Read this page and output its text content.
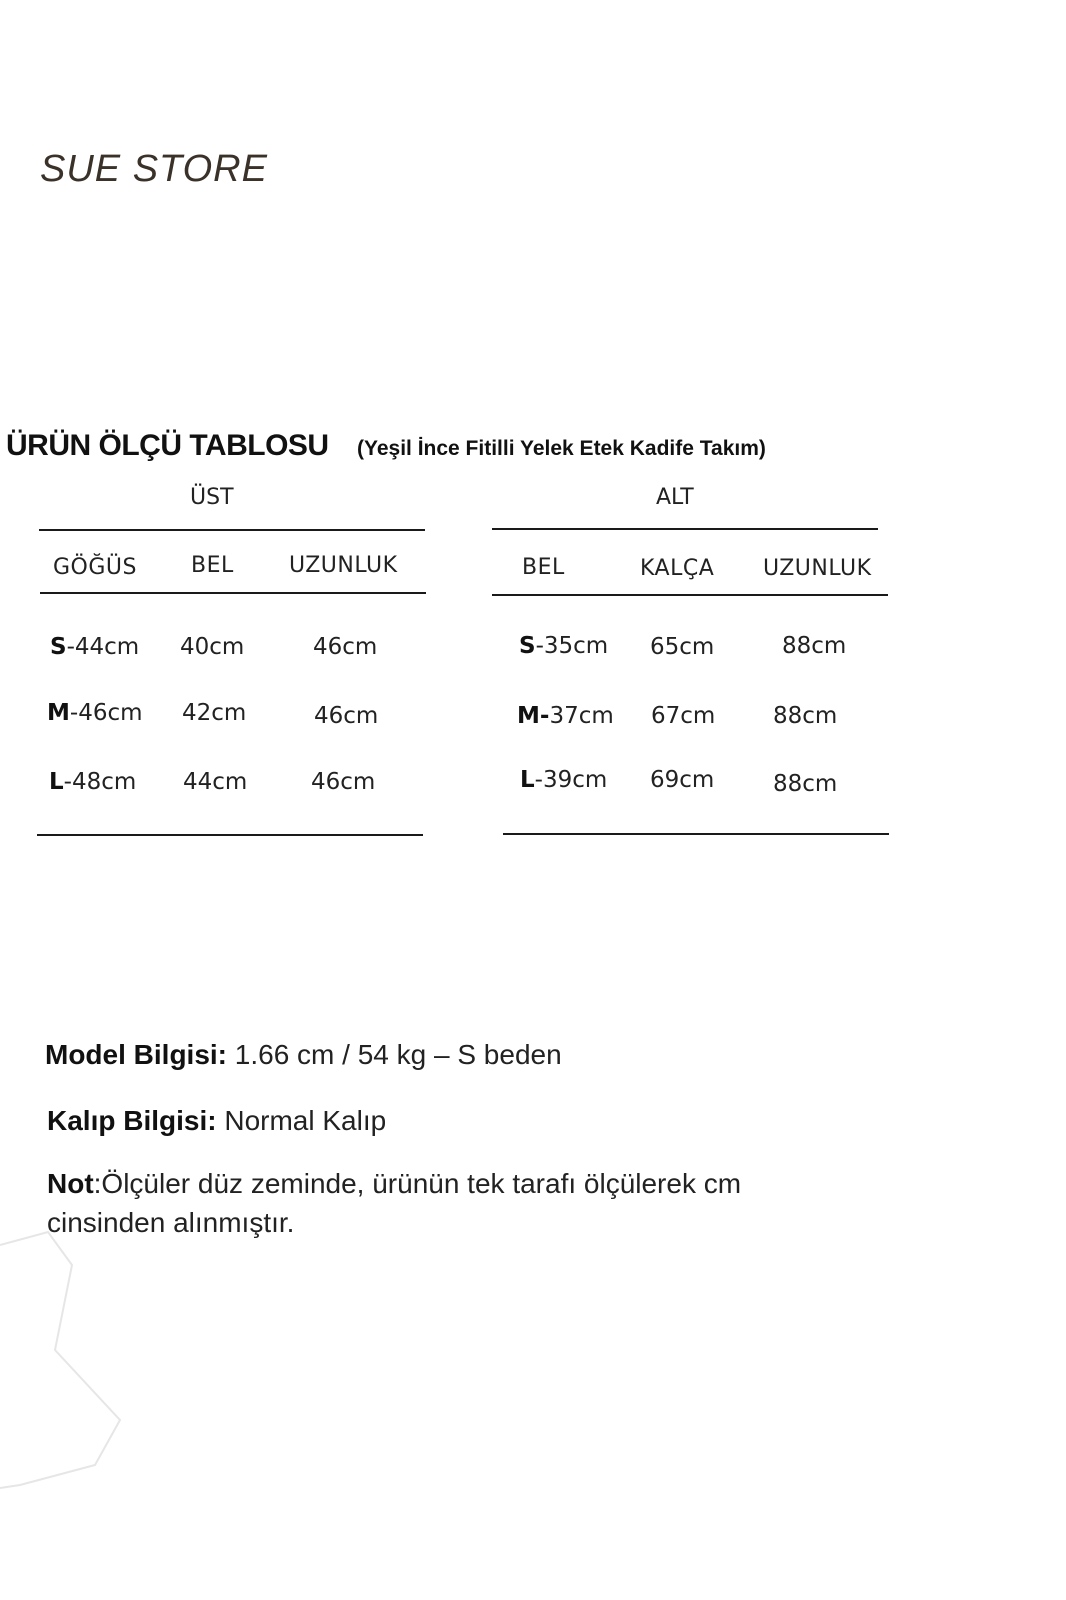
SUE STORE
ÜRÜN ÖLÇÜ TABLOSU (Yeşil İnce Fitilli Yelek Etek Kadife Takım)
ÜST
GÖĞÜS BEL	UZUNLUK
S-44cm 40cm	46cm
M-46cm 42cm	46cm
L-48cm 44cm	46cm
ALT
BEL	KALÇA UZUNLUK
S-35cm 65cm	88cm
M-37cm 67cm	88cm
L-39cm 69cm	88cm
Model Bilgisi: 1.66 cm / 54 kg – S beden
Kalıp Bilgisi: Normal Kalıp
Not:Ölçüler düz zeminde, ürünün tek tarafı ölçülerek cm
cinsinden alınmıştır.
